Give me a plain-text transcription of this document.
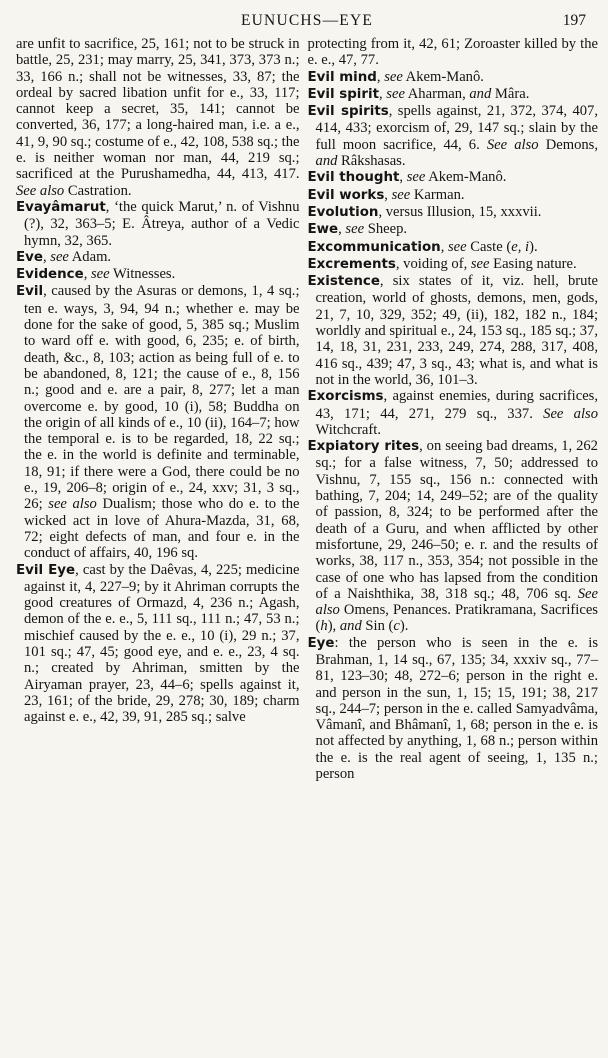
EUNUCHS—EYE	197

are unfit to sacrifice, 25, 161; not to be struck in battle, 25, 231; may marry, 25, 341, 373, 373 n.; 33, 166 n.; shall not be witnesses, 33, 87; the ordeal by sacred libation unfit for e., 33, 117; cannot keep a secret, 35, 141; cannot be converted, 36, 177; a long-haired man, i.e. a e., 41, 9, 90 sq.; costume of e., 42, 108, 538 sq.; the e. is neither woman nor man, 44, 219 sq.; sacrificed at the Purushamedha, 44, 413, 417. See also Castration.

Evayâmarut, ‘the quick Marut,’ n. of Vishnu (?), 32, 363–5; E. Âtreya, author of a Vedic hymn, 32, 365.

Eve, see Adam.

Evidence, see Witnesses.

Evil, caused by the Asuras or demons, 1, 4 sq.; ten e. ways, 3, 94, 94 n.; whether e. may be done for the sake of good, 5, 385 sq.; Muslim to ward off e. with good, 6, 235; e. of birth, death, &c., 8, 103; action as being full of e. to be abandoned, 8, 121; the cause of e., 8, 156 n.; good and e. are a pair, 8, 277; let a man overcome e. by good, 10 (i), 58; Buddha on the origin of all kinds of e., 10 (ii), 164–7; how the temporal e. is to be regarded, 18, 22 sq.; the e. in the world is definite and terminable, 18, 91; if there were a God, there could be no e., 19, 206–8; origin of e., 24, xxv; 31, 3 sq., 26; see also Dualism; those who do e. to the wicked act in love of Ahura-Mazda, 31, 68, 72; eight defects of man, and four e. in the conduct of affairs, 40, 196 sq.

Evil Eye, cast by the Daêvas, 4, 225; medicine against it, 4, 227–9; by it Ahriman corrupts the good creatures of Ormazd, 4, 236 n.; Agash, demon of the e. e., 5, 111 sq., 111 n.; 47, 53 n.; mischief caused by the e. e., 10 (i), 29 n.; 37, 101 sq.; 47, 45; good eye, and e. e., 23, 4 sq. n.; created by Ahriman, smitten by the Airyaman prayer, 23, 44–6; spells against it, 23, 161; of the bride, 29, 278; 30, 189; charm against e. e., 42, 39, 91, 285 sq.; salve

protecting from it, 42, 61; Zoroaster killed by the e. e., 47, 77.

Evil mind, see Akem-Manô.

Evil spirit, see Aharman, and Mâra.

Evil spirits, spells against, 21, 372, 374, 407, 414, 433; exorcism of, 29, 147 sq.; slain by the full moon sacrifice, 44, 6. See also Demons, and Râkshasas.

Evil thought, see Akem-Manô.

Evil works, see Karman.

Evolution, versus Illusion, 15, xxxvii.

Ewe, see Sheep.

Excommunication, see Caste (e, i).

Excrements, voiding of, see Easing nature.

Existence, six states of it, viz. hell, brute creation, world of ghosts, demons, men, gods, 21, 7, 10, 329, 352; 49, (ii), 182, 182 n., 184; worldly and spiritual e., 24, 153 sq., 185 sq.; 37, 14, 18, 31, 231, 233, 249, 274, 288, 317, 408, 416 sq., 439; 47, 3 sq., 43; what is, and what is not in the world, 36, 101–3.

Exorcisms, against enemies, during sacrifices, 43, 171; 44, 271, 279 sq., 337. See also Witchcraft.

Expiatory rites, on seeing bad dreams, 1, 262 sq.; for a false witness, 7, 50; addressed to Vishnu, 7, 155 sq., 156 n.: connected with bathing, 7, 204; 14, 249–52; are of the quality of passion, 8, 324; to be performed after the death of a Guru, and when afflicted by other misfortune, 29, 246–50; e. r. and the results of works, 38, 117 n., 353, 354; not possible in the case of one who has lapsed from the condition of a Naishthika, 38, 318 sq.; 48, 706 sq. See also Omens, Penances. Pratikramana, Sacrifices (h), and Sin (c).

Eye: the person who is seen in the e. is Brahman, 1, 14 sq., 67, 135; 34, xxxiv sq., 77–81, 123–30; 48, 272–6; person in the right e. and person in the sun, 1, 15; 15, 191; 38, 217 sq., 244–7; person in the e. called Samyadvâma, Vâmanî, and Bhâmanî, 1, 68; person in the e. is not affected by anything, 1, 68 n.; person within the e. is the real agent of seeing, 1, 135 n.; person
